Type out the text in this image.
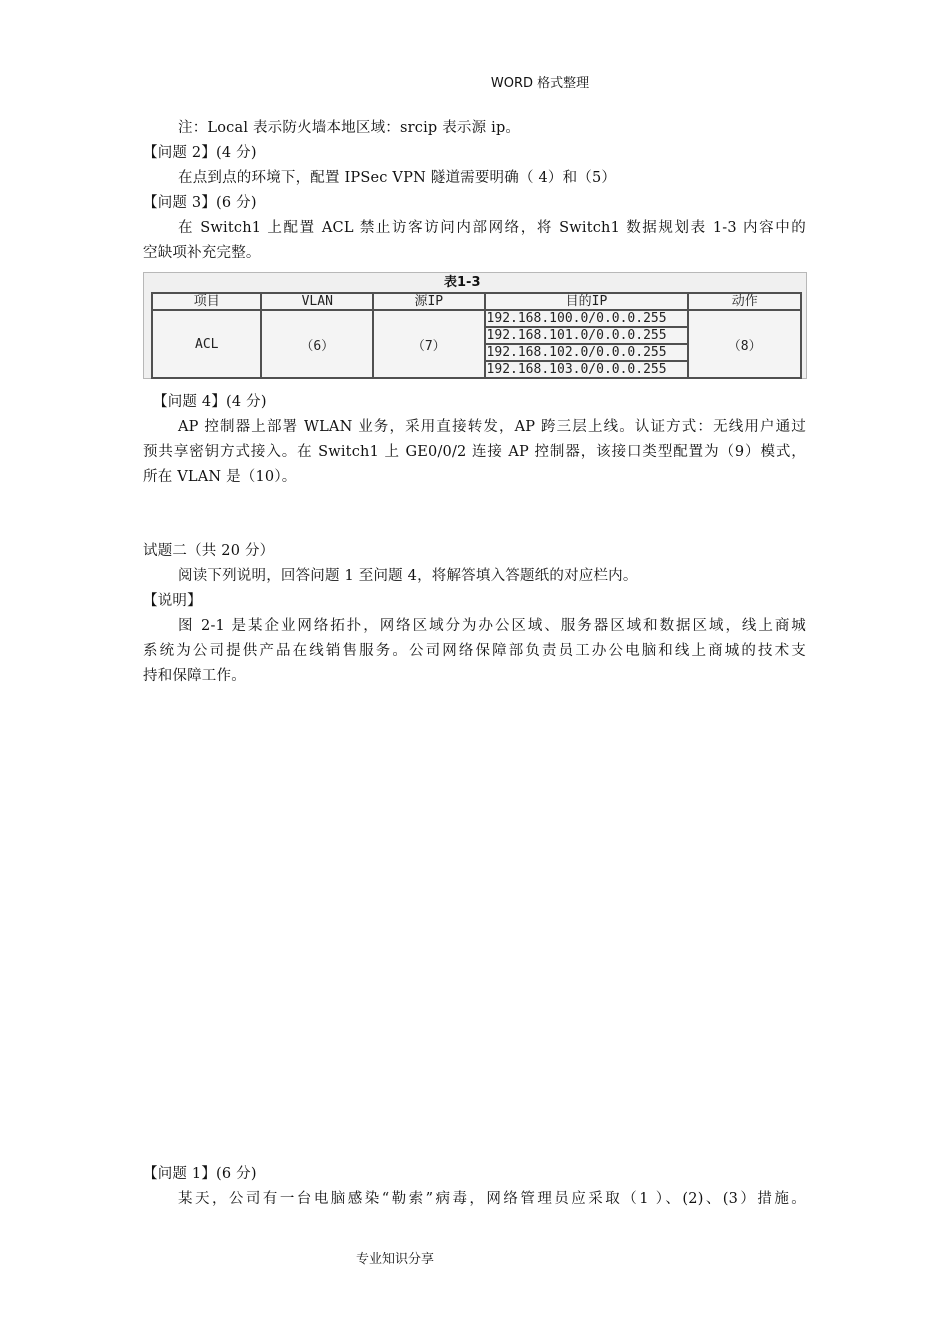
WORD 格式整理
注：Local 表示防火墙本地区域：srcip 表示源 ip。
【问题 2】(4 分)
在点到点的环境下，配置 IPSec VPN 隧道需要明确（ 4）和（5）
【问题 3】(6 分)
在 Switch1 上配置 ACL 禁止访客访问内部网络，将 Switch1 数据规划表 1-3 内容中的
空缺项补充完整。
表1-3
项目	VLAN	源IP	目的IP	动作
ACL	（6）	（7）	192.168.100.0/0.0.0.255	（8）
			192.168.101.0/0.0.0.255	
			192.168.102.0/0.0.0.255	
			192.168.103.0/0.0.0.255	
【问题 4】(4 分)
AP 控制器上部署 WLAN 业务，采用直接转发，AP 跨三层上线。认证方式：无线用户通过
预共享密钥方式接入。在 Switch1 上 GE0/0/2 连接 AP 控制器，该接口类型配置为（9）模式，
所在 VLAN 是（10）。
试题二（共 20 分）
阅读下列说明，回答问题 1 至问题 4，将解答填入答题纸的对应栏内。
【说明】
图 2-1 是某企业网络拓扑，网络区域分为办公区域、服务器区域和数据区域，线上商城
系统为公司提供产品在线销售服务。公司网络保障部负责员工办公电脑和线上商城的技术支
持和保障工作。
【问题 1】(6 分)
某天，公司有一台电脑感染“勒索”病毒，网络管理员应采取（1 ）、(2)、(3）措施。
专业知识分享
